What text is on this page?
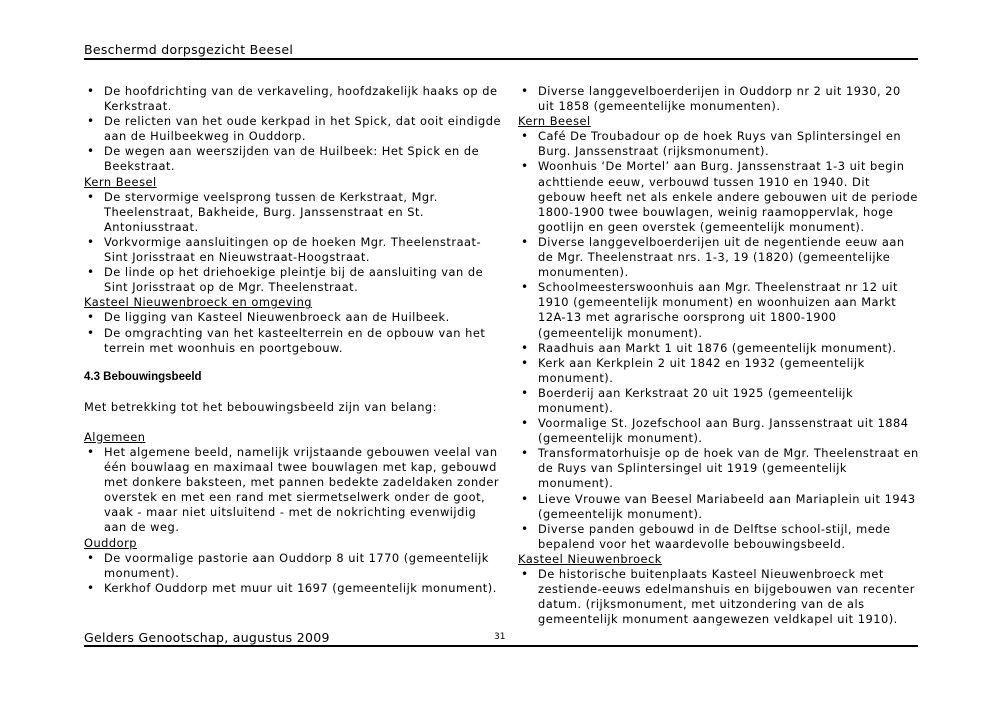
Beschermd dorpsgezicht Beesel
• De hoofdrichting van de verkaveling, hoofdzakelijk haaks op de Kerkstraat.
• De relicten van het oude kerkpad in het Spick, dat ooit eindigde aan de Huilbeekweg in Ouddorp.
• De wegen aan weerszijden van de Huilbeek: Het Spick en de Beekstraat.
Kern Beesel
• De stervormige veelsprong tussen de Kerkstraat, Mgr. Theelenstraat, Bakheide, Burg. Janssenstraat en St. Antoniusstraat.
• Vorkvormige aansluitingen op de hoeken Mgr. Theelenstraat-Sint Jorisstraat en Nieuwstraat-Hoogstraat.
• De linde op het driehoekige pleintje bij de aansluiting van de Sint Jorisstraat op de Mgr. Theelenstraat.
Kasteel Nieuwenbroeck en omgeving
• De ligging van Kasteel Nieuwenbroeck aan de Huilbeek.
• De omgrachting van het kasteelterrein en de opbouw van het terrein met woonhuis en poortgebouw.
4.3 Bebouwingsbeeld
Met betrekking tot het bebouwingsbeeld zijn van belang:
Algemeen
• Het algemene beeld, namelijk vrijstaande gebouwen veelal van één bouwlaag en maximaal twee bouwlagen met kap, gebouwd met donkere baksteen, met pannen bedekte zadeldaken zonder overstek en met een rand met siermetselwerk onder de goot, vaak - maar niet uitsluitend - met de nokrichting evenwijdig aan de weg.
Ouddorp
• De voormalige pastorie aan Ouddorp 8 uit 1770 (gemeentelijk monument).
• Kerkhof Ouddorp met muur uit 1697 (gemeentelijk monument).
• Diverse langgevelboerderijen in Ouddorp nr 2 uit 1930, 20 uit 1858 (gemeentelijke monumenten).
Kern Beesel
• Café De Troubadour op de hoek Ruys van Splintersingel en Burg. Janssenstraat (rijksmonument).
• Woonhuis ‘De Mortel’ aan Burg. Janssenstraat 1-3 uit begin achttiende eeuw, verbouwd tussen 1910 en 1940. Dit gebouw heeft net als enkele andere gebouwen uit de periode 1800-1900 twee bouwlagen, weinig raamoppervlak, hoge gootlijn en geen overstek (gemeentelijk monument).
• Diverse langgevelboerderijen uit de negentiende eeuw aan de Mgr. Theelenstraat nrs. 1-3, 19 (1820) (gemeentelijke monumenten).
• Schoolmeesterswoonhuis aan Mgr. Theelenstraat nr 12 uit 1910 (gemeentelijk monument) en woonhuizen aan Markt 12A-13 met agrarische oorsprong uit 1800-1900 (gemeentelijk monument).
• Raadhuis aan Markt 1 uit 1876 (gemeentelijk monument).
• Kerk aan Kerkplein 2 uit 1842 en 1932 (gemeentelijk monument).
• Boerderij aan Kerkstraat 20 uit 1925 (gemeentelijk monument).
• Voormalige St. Jozefschool aan Burg. Janssenstraat uit 1884 (gemeentelijk monument).
• Transformatorhuisje op de hoek van de Mgr. Theelenstraat en de Ruys van Splintersingel uit 1919 (gemeentelijk monument).
• Lieve Vrouwe van Beesel Mariabeeld aan Mariaplein uit 1943 (gemeentelijk monument).
• Diverse panden gebouwd in de Delftse school-stijl, mede bepalend voor het waardevolle bebouwingsbeeld.
Kasteel Nieuwenbroeck
• De historische buitenplaats Kasteel Nieuwenbroeck met zestiende-eeuws edelmanshuis en bijgebouwen van recenter datum. (rijksmonument, met uitzondering van de als gemeentelijk monument aangewezen veldkapel uit 1910).
Gelders Genootschap, augustus 2009	31
